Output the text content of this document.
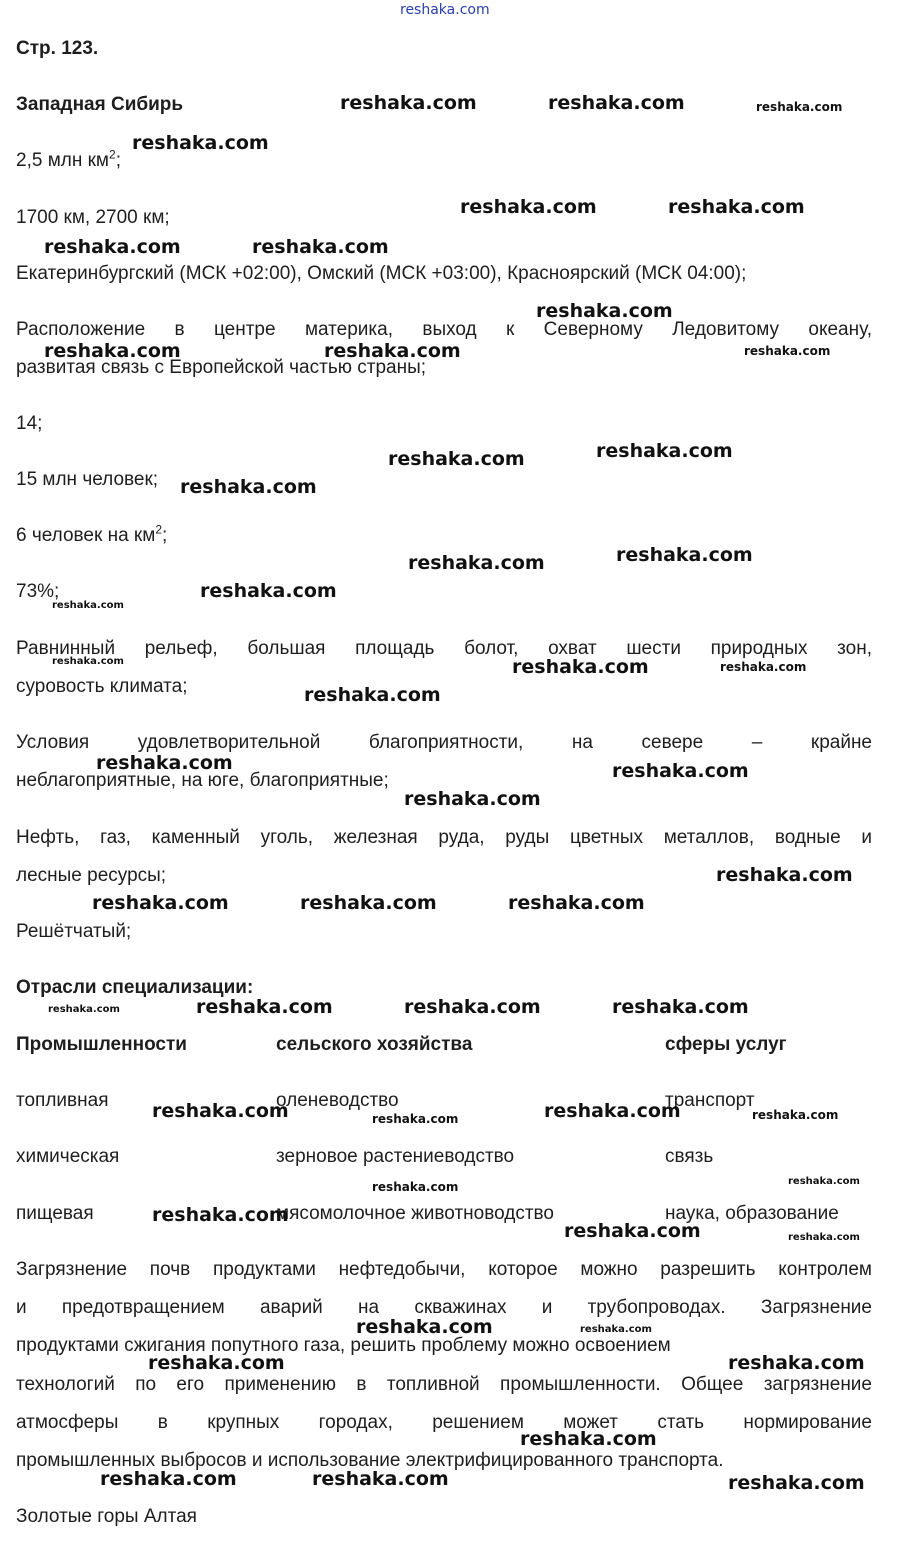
reshaka.com
Стр. 123.
Западная Сибирь
2,5 млн $км^2$;
1700 км, 2700 км;
Екатеринбургский (МСК +02:00), Омский (МСК +03:00), Красноярский (МСК 04:00);
Расположение в центре материка, выход к Северному Ледовитому океану,
развитая связь с Европейской частью страны;
14;
15 млн человек;
6 человек на $км^2$;
73%;
Равнинный рельеф, большая площадь болот, охват шести природных зон,
суровость климата;
Условия удовлетворительной благоприятности, на севере – крайне
неблагоприятные, на юге, благоприятные;
Нефть, газ, каменный уголь, железная руда, руды цветных металлов, водные и
лесные ресурсы;
Решётчатый;
Отрасли специализации:
Промышленности	сельского хозяйства	сферы услуг
топливная	оленеводство	транспорт
химическая	зерновое растениеводство	связь
пищевая	мясомолочное животноводство	наука, образование
Загрязнение почв продуктами нефтедобычи, которое можно разрешить контролем
и предотвращением аварий на скважинах и трубопроводах. Загрязнение
продуктами сжигания попутного газа, решить проблему можно освоением
технологий по его применению в топливной промышленности. Общее загрязнение
атмосферы в крупных городах, решением может стать нормирование
промышленных выбросов и использование электрифицированного транспорта.
Золотые горы Алтая
reshaka.com	reshaka.com
reshaka.com
reshaka.com	reshaka.com
reshaka.com	reshaka.com
reshaka.com
reshaka.com	reshaka.com
reshaka.com
reshaka.com
reshaka.com
reshaka.com
reshaka.com
reshaka.com
reshaka.com
reshaka.com
reshaka.com	reshaka.com
reshaka.com
reshaka.com
reshaka.com	reshaka.com	reshaka.com
reshaka.com	reshaka.com	reshaka.com
reshaka.com	reshaka.com
reshaka.com
reshaka.com
reshaka.com
reshaka.com	reshaka.com
reshaka.com
reshaka.com	reshaka.com	reshaka.com
reshaka.com
reshaka.com
reshaka.com
reshaka.com	reshaka.com
reshaka.com
reshaka.com	reshaka.com
reshaka.com	reshaka.com
reshaka.com
reshaka.com
